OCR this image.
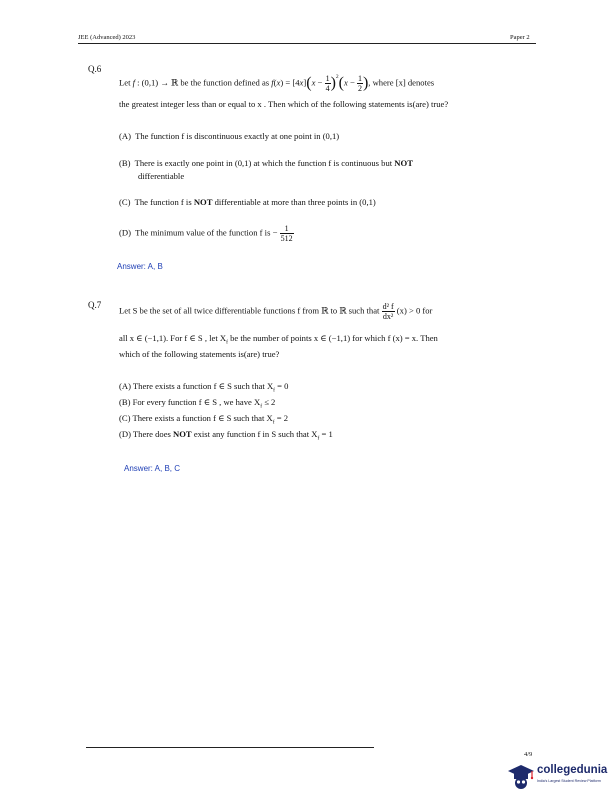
JEE (Advanced) 2023	Paper 2
Q.6
Let f : (0,1) → ℝ be the function defined as $f(x) = [4x](x - \frac{1}{4} )^2(x - \frac{1}{2}$ ), where [x] denotes
the greatest integer less than or equal to x . Then which of the following statements is(are) true?
(A) The function f is discontinuous exactly at one point in (0,1)
(B) There is exactly one point in (0,1) at which the function f is continuous but NOT
differentiable
(C) The function f is NOT differentiable at more than three points in (0,1)
(D) The minimum value of the function f is − $\frac{1}{512}$
Answer: A, B
Q.7
Let S be the set of all twice differentiable functions f from ℝ to ℝ such that $\frac{\text{d² f}}{\text{dx²}} (x) > 0$ for
all x ∈ (−1,1). For f ∈ S , let $X_f$ be the number of points x ∈ (−1,1) for which f (x) = x. Then
which of the following statements is(are) true?
(A) There exists a function f ∈ S such that $X_f = 0$
(B) For every function f ∈ S , we have $X_f \le 2$
(C) There exists a function f ∈ S such that $X_f = 2$
(D) There does NOT exist any function f in S such that $X_f = 1$
Answer: A, B, C
4/9
collegedunia
India's Largest Student Review Platform
